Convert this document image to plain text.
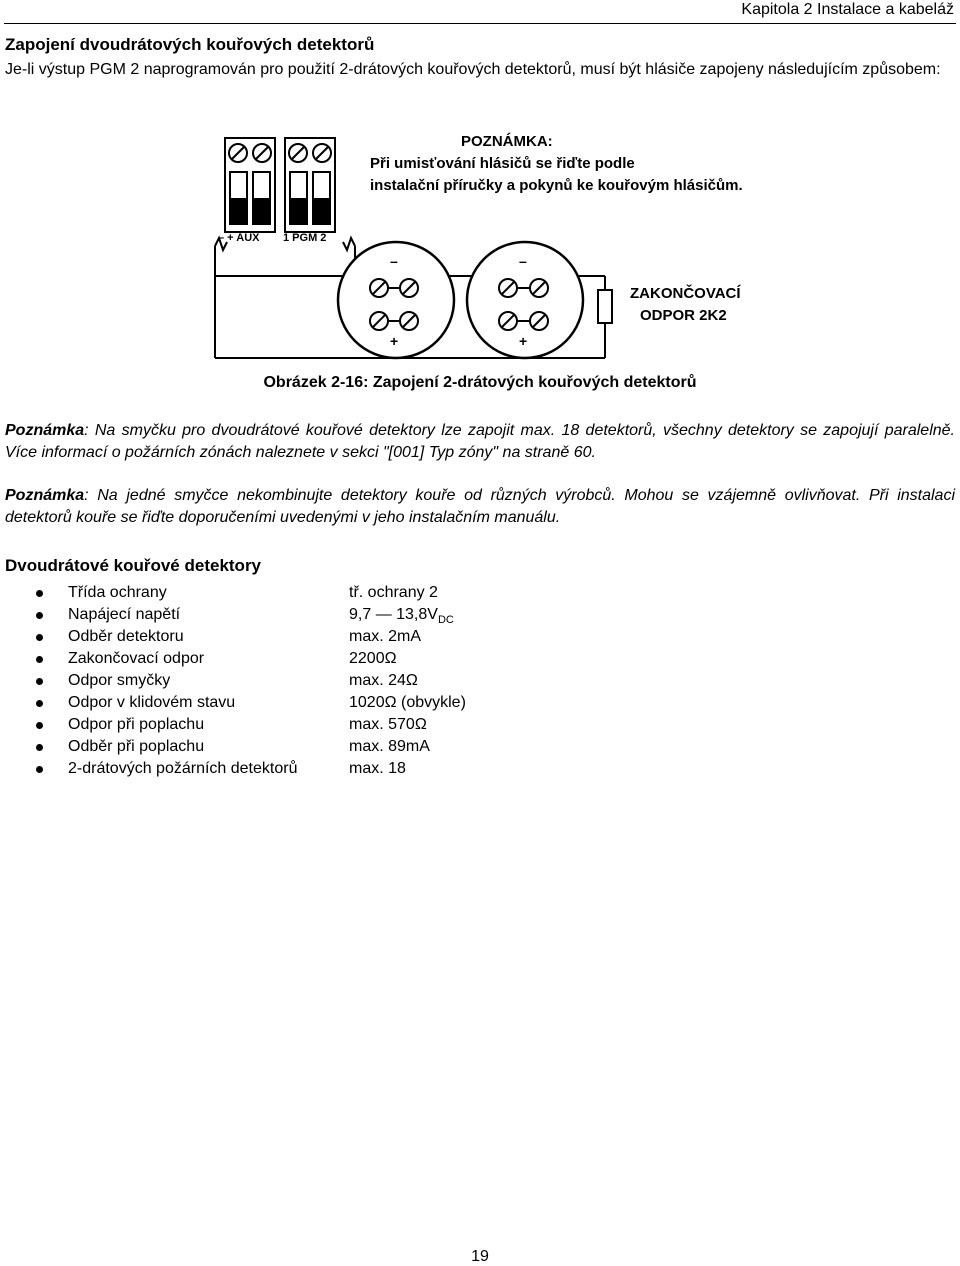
Kapitola 2 Instalace a kabeláž
Zapojení dvoudrátových kouřových detektorů
Je-li výstup PGM 2 naprogramován pro použití 2-drátových kouřových detektorů, musí být hlásiče zapojeny následujícím způsobem:
– + AUX 1 PGM 2
–
+
–
+
ZAKONČOVACÍ
ODPOR 2K2
POZNÁMKA:
Při umisťování hlásičů se řiďte podle
instalační příručky a pokynů ke kouřovým hlásičům.
Obrázek 2-16: Zapojení 2-drátových kouřových detektorů
Poznámka: Na smyčku pro dvoudrátové kouřové detektory lze zapojit max. 18 detektorů, všechny detektory se zapojují paralelně. Více informací o požárních zónách naleznete v sekci "[001] Typ zóny" na straně 60.
Poznámka: Na jedné smyčce nekombinujte detektory kouře od různých výrobců. Mohou se vzájemně ovlivňovat. Při instalaci detektorů kouře se řiďte doporučeními uvedenými v jeho instalačním manuálu.
Dvoudrátové kouřové detektory
Třída ochrany	tř. ochrany 2
Napájecí napětí	9,7 — $13,8V_{DC}$
Odběr detektoru	max. 2mA
Zakončovací odpor	2200Ω
Odpor smyčky	max. 24Ω
Odpor v klidovém stavu	1020Ω (obvykle)
Odpor při poplachu	max. 570Ω
Odběr při poplachu	max. 89mA
2-drátových požárních detektorů	max. 18
19
